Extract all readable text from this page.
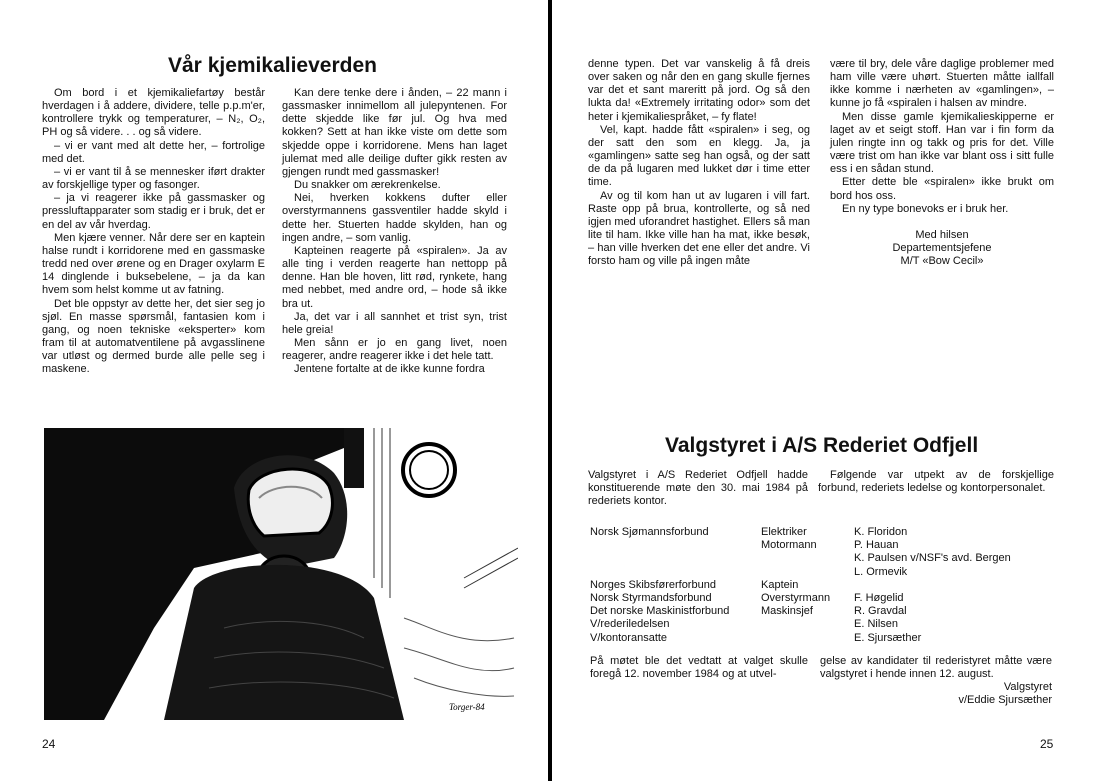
Vår kjemikalieverden

Om bord i et kjemikaliefartøy består hverdagen i å addere, dividere, telle p.p.m'er, kontrollere trykk og temperaturer, – N₂, O₂, PH og så videre. . . og så videre.

– vi er vant med alt dette her, – fortrolige med det.

– vi er vant til å se mennesker iført drakter av forskjellige typer og fasonger.

– ja vi reagerer ikke på gassmasker og pressluftapparater som stadig er i bruk, det er en del av vår hverdag.

Men kjære venner. Når dere ser en kaptein halse rundt i korridorene med en gassmaske tredd ned over ørene og en Drager oxylarm E 14 dinglende i buksebelene, – ja da kan hvem som helst komme ut av fatning.

Det ble oppstyr av dette her, det sier seg jo sjøl. En masse spørsmål, fantasien kom i gang, og noen tekniske «eksperter» kom fram til at automatventilene på avgasslinene var utløst og dermed burde alle pelle seg i maskene.

Kan dere tenke dere i ånden, – 22 mann i gassmasker innimellom all julepyntenen. For dette skjedde like før jul. Og hva med kokken? Sett at han ikke viste om dette som skjedde oppe i korridorene. Mens han laget julemat med alle deilige dufter gikk resten av gjengen rundt med gassmasker!

Du snakker om ærekrenkelse.

Nei, hverken kokkens dufter eller overstyrmannens gassventiler hadde skyld i dette her. Stuerten hadde skylden, han og ingen andre, – som vanlig.

Kapteinen reagerte på «spiralen». Ja av alle ting i verden reagerte han nettopp på denne. Han ble hoven, litt rød, rynkete, hang med nebbet, med andre ord, – hode så ikke bra ut.

Ja, det var i all sannhet et trist syn, trist hele greia!

Men sånn er jo en gang livet, noen reagerer, andre reagerer ikke i det hele tatt.

Jentene fortalte at de ikke kunne fordra

Torger-84
24

denne typen. Det var vanskelig å få dreis over saken og når den en gang skulle fjernes var det et sant mareritt på jord. Og så den lukta da! «Extremely irritating odor» som det heter i kjemikaliespråket, – fy flate!

Vel, kapt. hadde fått «spiralen» i seg, og der satt den som en klegg. Ja, ja «gamlingen» satte seg han også, og der satt de da på lugaren med lukket dør i time etter time.

Av og til kom han ut av lugaren i vill fart. Raste opp på brua, kontrollerte, og så ned igjen med uforandret hastighet. Ellers så man lite til ham. Ikke ville han ha mat, ikke besøk, – han ville hverken det ene eller det andre. Vi forsto ham og ville på ingen måte

være til bry, dele våre daglige problemer med ham ville være uhørt. Stuerten måtte iallfall ikke komme i nærheten av «gamlingen», – kunne jo få «spiralen i halsen av mindre.

Men disse gamle kjemikalieskipperne er laget av et seigt stoff. Han var i fin form da julen ringte inn og takk og pris for det. Ville være trist om han ikke var blant oss i sitt fulle ess i en sådan stund.

Etter dette ble «spiralen» ikke brukt om bord hos oss.

En ny type bonevoks er i bruk her.

Med hilsen
Departementsjefene
M/T «Bow Cecil»
Valgstyret i A/S Rederiet Odfjell

Valgstyret i A/S Rederiet Odfjell hadde konstituerende møte den 30. mai 1984 på rederiets kontor.

Følgende var utpekt av de forskjellige forbund, rederiets ledelse og kontorpersonalet.

Norsk Sjømannsforbund
Norges Skibsførerforbund
Norsk Styrmandsforbund
Det norske Maskinistforbund
V/rederiledelsen
V/kontoransatte
Elektriker
Motormann
Kaptein
Overstyrmann
Maskinsjef
K. Floridon
P. Hauan
K. Paulsen v/NSF's avd. Bergen
L. Ormevik
F. Høgelid
R. Gravdal
E. Nilsen
E. Sjursæther

På møtet ble det vedtatt at valget skulle foregå 12. november 1984 og at utvel-

gelse av kandidater til rederistyret måtte være valgstyret i hende innen 12. august.

Valgstyret
v/Eddie Sjursæther
25
